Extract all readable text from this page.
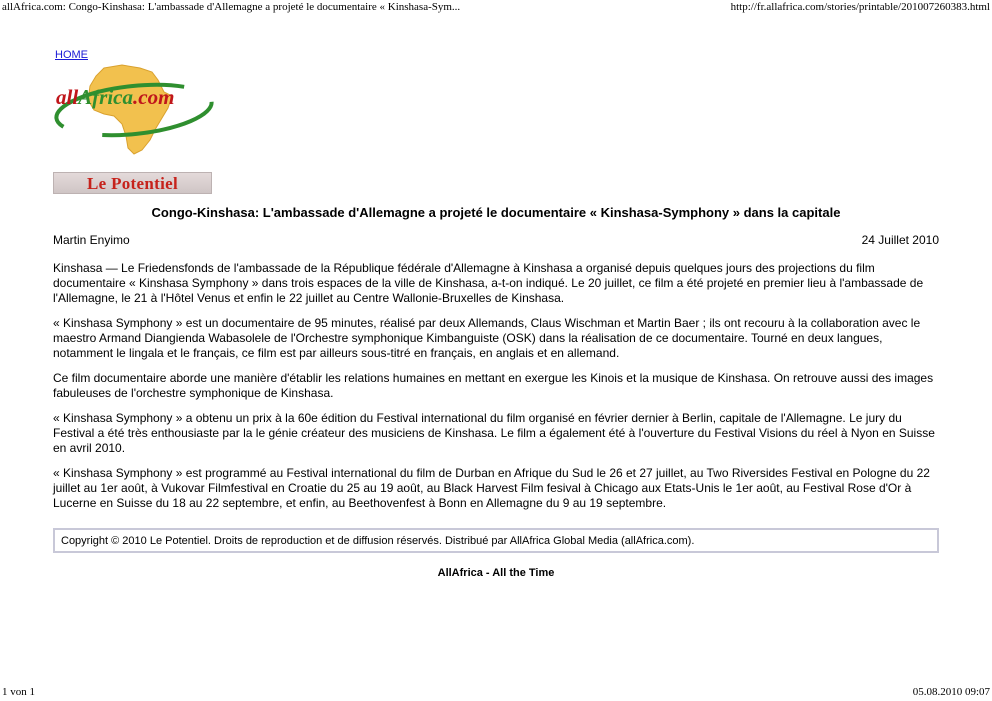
allAfrica.com: Congo-Kinshasa: L'ambassade d'Allemagne a projeté le documentaire « Kinshasa-Sym...	http://fr.allafrica.com/stories/printable/201007260383.html
HOME
allAfrica.com
Le Potentiel
Congo-Kinshasa: L'ambassade d'Allemagne a projeté le documentaire « Kinshasa-Symphony » dans la capitale
Martin Enyimo	24 Juillet 2010

Kinshasa — Le Friedensfonds de l'ambassade de la République fédérale d'Allemagne à Kinshasa a organisé depuis quelques jours des projections du film documentaire « Kinshasa Symphony » dans trois espaces de la ville de Kinshasa, a-t-on indiqué. Le 20 juillet, ce film a été projeté en premier lieu à l'ambassade de l'Allemagne, le 21 à l'Hôtel Venus et enfin le 22 juillet au Centre Wallonie-Bruxelles de Kinshasa.

« Kinshasa Symphony » est un documentaire de 95 minutes, réalisé par deux Allemands, Claus Wischman et Martin Baer ; ils ont recouru à la collaboration avec le maestro Armand Diangienda Wabasolele de l'Orchestre symphonique Kimbanguiste (OSK) dans la réalisation de ce documentaire. Tourné en deux langues, notamment le lingala et le français, ce film est par ailleurs sous-titré en français, en anglais et en allemand.

Ce film documentaire aborde une manière d'établir les relations humaines en mettant en exergue les Kinois et la musique de Kinshasa. On retrouve aussi des images fabuleuses de l'orchestre symphonique de Kinshasa.

« Kinshasa Symphony » a obtenu un prix à la 60e édition du Festival international du film organisé en février dernier à Berlin, capitale de l'Allemagne. Le jury du Festival a été très enthousiaste par la le génie créateur des musiciens de Kinshasa. Le film a également été à l'ouverture du Festival Visions du réel à Nyon en Suisse en avril 2010.

« Kinshasa Symphony » est programmé au Festival international du film de Durban en Afrique du Sud le 26 et 27 juillet, au Two Riversides Festival en Pologne du 22 juillet au 1er août, à Vukovar Filmfestival en Croatie du 25 au 19 août, au Black Harvest Film fesival à Chicago aux Etats-Unis le 1er août, au Festival Rose d'Or à Lucerne en Suisse du 18 au 22 septembre, et enfin, au Beethovenfest à Bonn en Allemagne du 9 au 19 septembre.

Copyright © 2010 Le Potentiel. Droits de reproduction et de diffusion réservés. Distribué par AllAfrica Global Media (allAfrica.com).
AllAfrica - All the Time
1 von 1	05.08.2010 09:07
